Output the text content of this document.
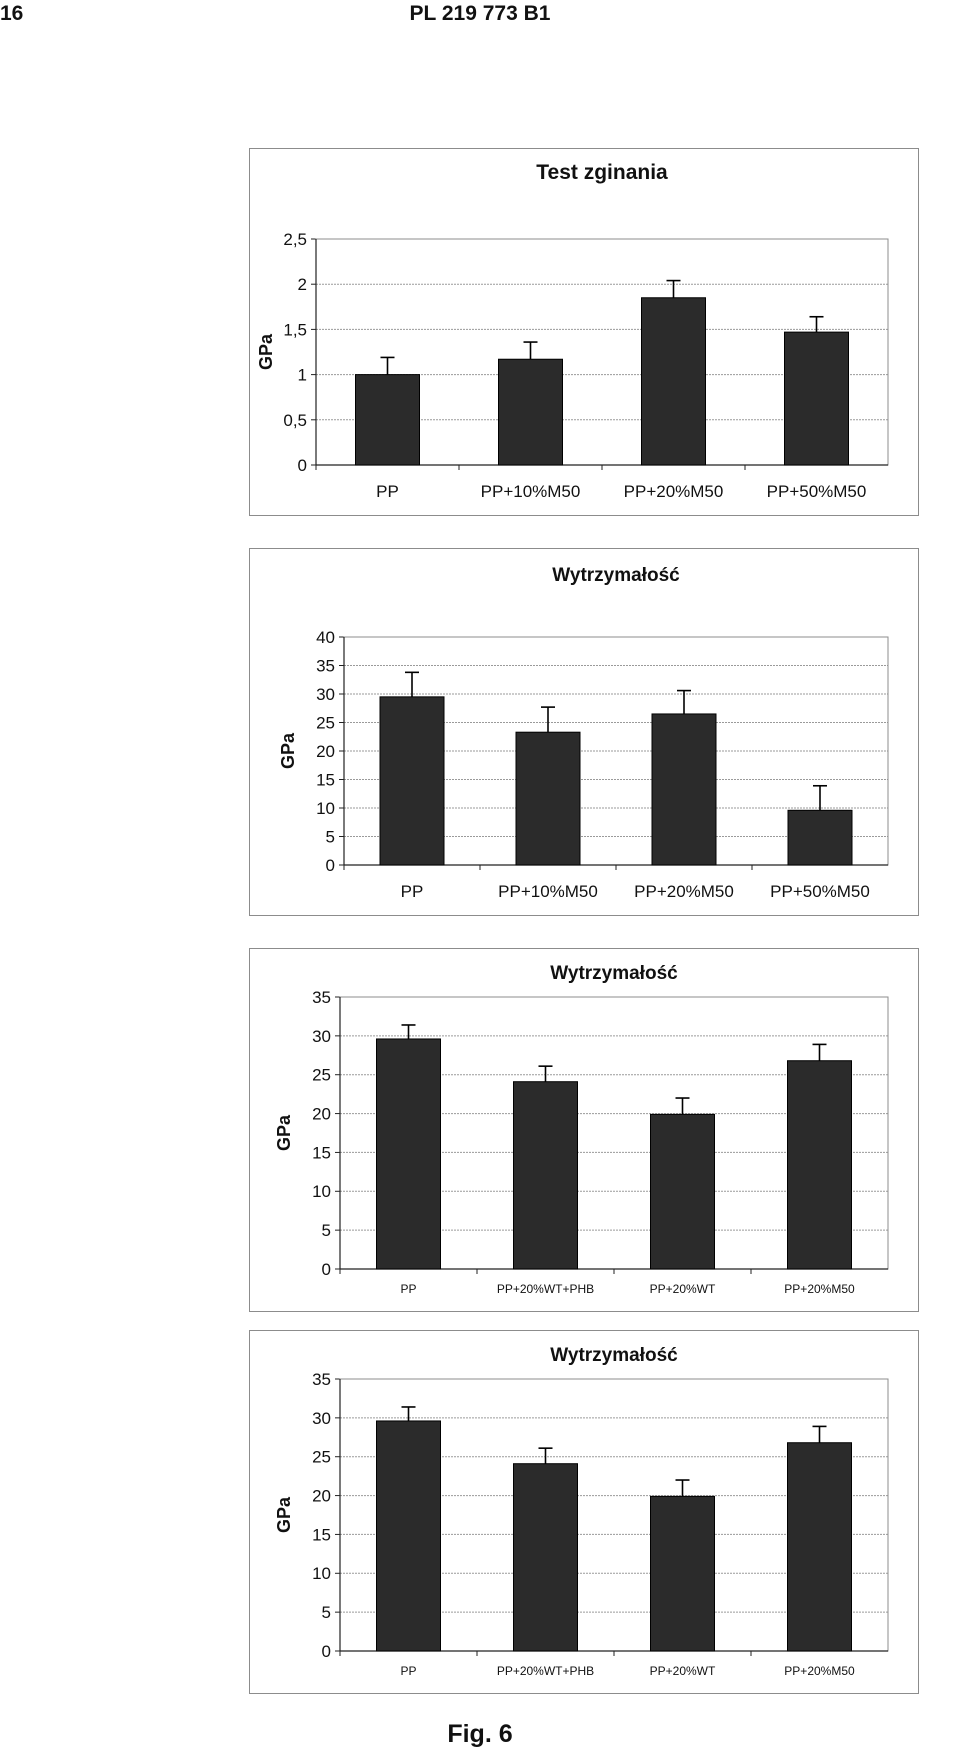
16	PL 219 773 B1
Test zginania
0
0,5
1
1,5
2
2,5
GPa
PP	PP+10%M50	PP+20%M50	PP+50%M50
Wytrzymałość
0
5
10
15
20
25
30
35
40
GPa
PP	PP+10%M50 PP+20%M50 PP+50%M50
Wytrzymałość
0
5
10
15
20
25
30
35
GPa
PP	PP+20%WT+PHB	PP+20%WT	PP+20%M50
Wytrzymałość
0
5
10
15
20
25
30
35
GPa
PP	PP+20%WT+PHB	PP+20%WT	PP+20%M50
Fig. 6
